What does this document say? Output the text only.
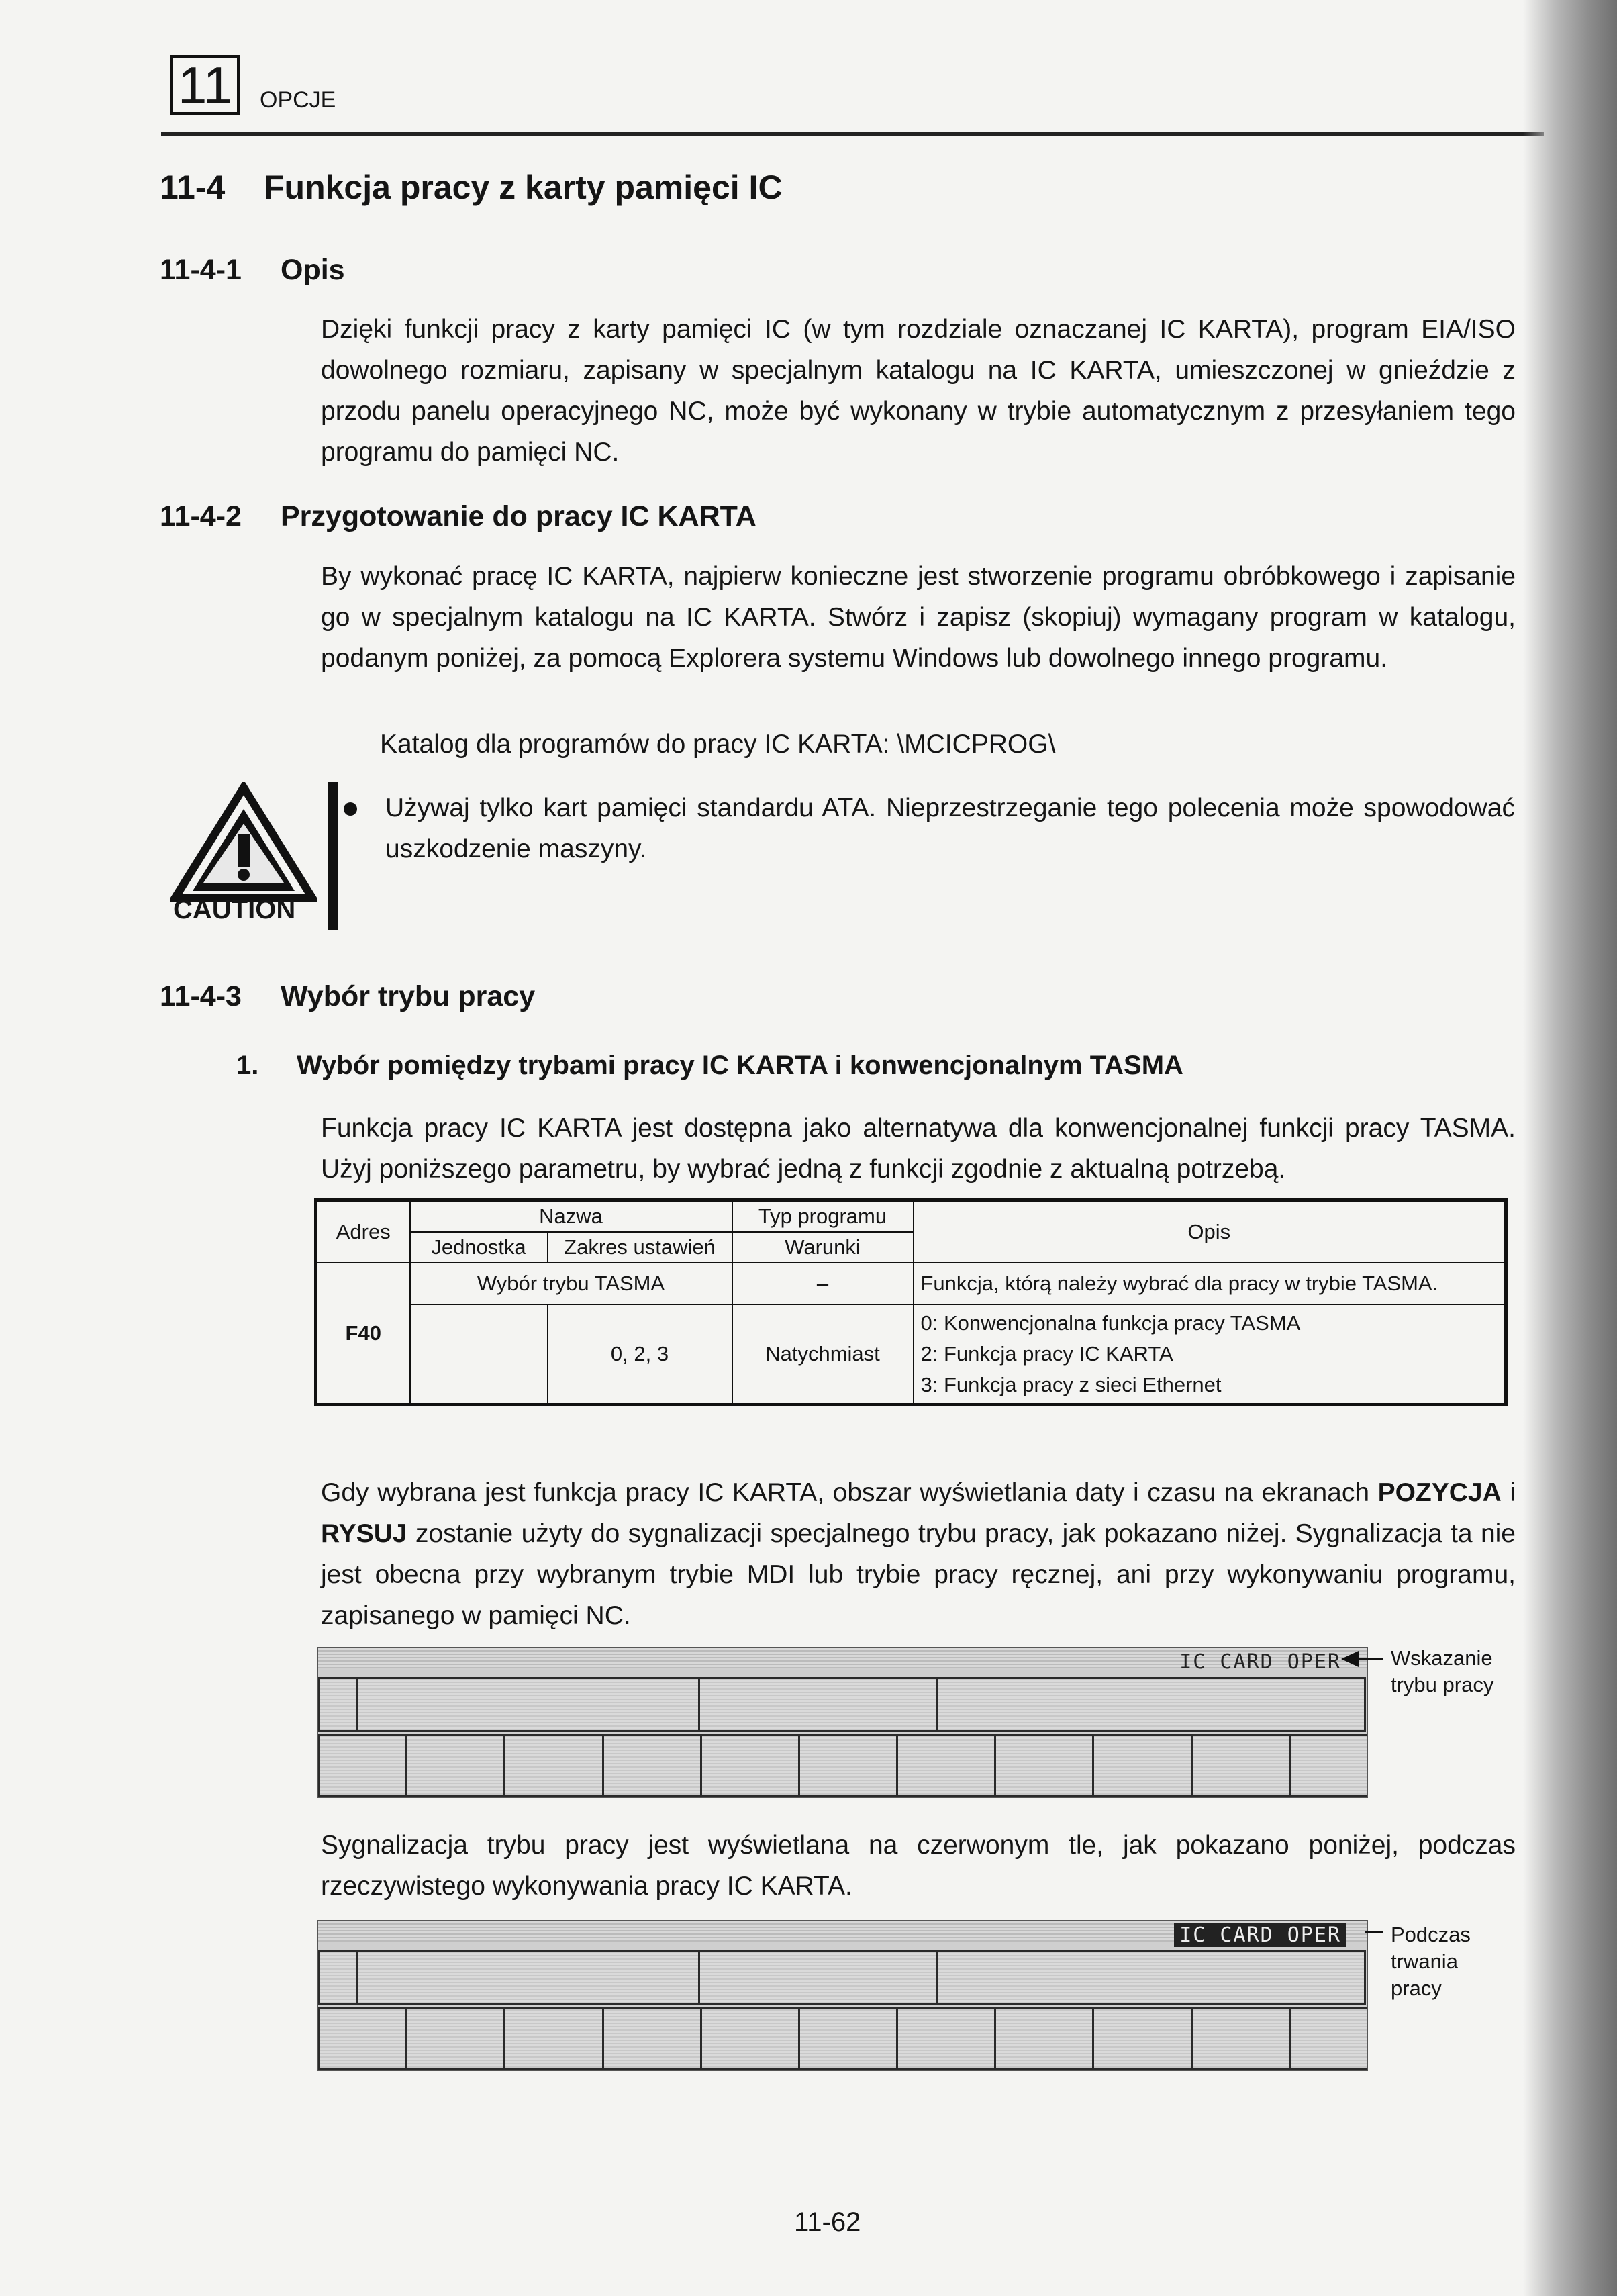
11	OPCJE
11-4 Funkcja pracy z karty pamięci IC
11-4-1 Opis
Dzięki funkcji pracy z karty pamięci IC (w tym rozdziale oznaczanej IC KARTA), program EIA/ISO dowolnego rozmiaru, zapisany w specjalnym katalogu na IC KARTA, umieszczonej w gnieździe z przodu panelu operacyjnego NC, może być wykonany w trybie automatycznym z przesyłaniem tego programu do pamięci NC.
11-4-2 Przygotowanie do pracy IC KARTA
By wykonać pracę IC KARTA, najpierw konieczne jest stworzenie programu obróbkowego i zapisanie go w specjalnym katalogu na IC KARTA. Stwórz i zapisz (skopiuj) wymagany program w katalogu, podanym poniżej, za pomocą Explorera systemu Windows lub dowolnego innego programu.
Katalog dla programów do pracy IC KARTA: \MCICPROG\
CAUTION
Używaj tylko kart pamięci standardu ATA. Nieprzestrzeganie tego polecenia może spowodować uszkodzenie maszyny.
11-4-3 Wybór trybu pracy
1. Wybór pomiędzy trybami pracy IC KARTA i konwencjonalnym TASMA
Funkcja pracy IC KARTA jest dostępna jako alternatywa dla konwencjonalnej funkcji pracy TASMA. Użyj poniższego parametru, by wybrać jedną z funkcji zgodnie z aktualną potrzebą.
Adres	Nazwa		Typ programu	Opis
	Jednostka	Zakres ustawień	Warunki	
F40	Wybór trybu TASMA		–	Funkcja, którą należy wybrać dla pracy w trybie TASMA.
		0, 2, 3	Natychmiast	0: Konwencjonalna funkcja pracy TASMA
2: Funkcja pracy IC KARTA
3: Funkcja pracy z sieci Ethernet
Gdy wybrana jest funkcja pracy IC KARTA, obszar wyświetlania daty i czasu na ekranach POZYCJA i RYSUJ zostanie użyty do sygnalizacji specjalnego trybu pracy, jak pokazano niżej. Sygnalizacja ta nie jest obecna przy wybranym trybie MDI lub trybie pracy ręcznej, ani przy wykonywaniu programu, zapisanego w pamięci NC.
IC CARD OPER Wskazanie
trybu pracy
Sygnalizacja trybu pracy jest wyświetlana na czerwonym tle, jak pokazano poniżej, podczas rzeczywistego wykonywania pracy IC KARTA.
IC CARD OPER Podczas
trwania
pracy
11-62
